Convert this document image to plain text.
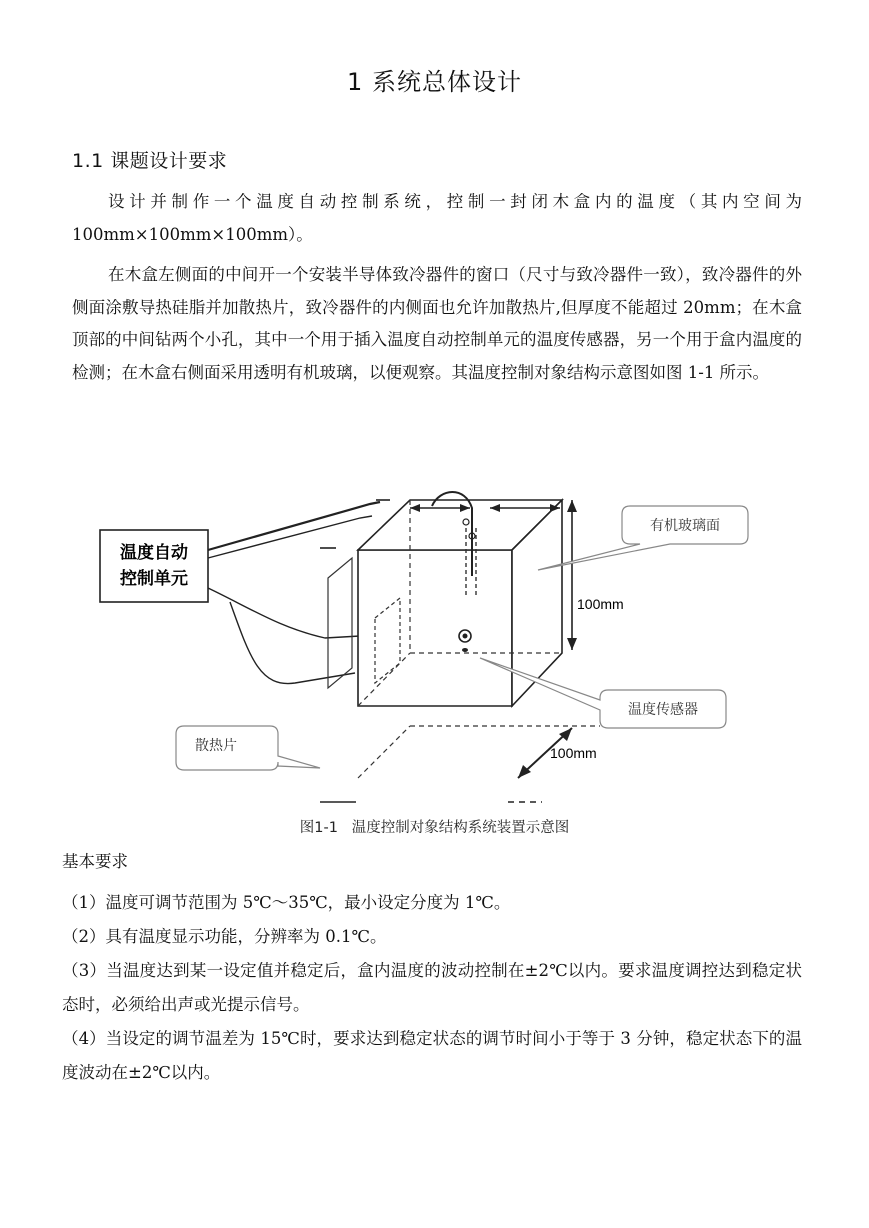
1 系统总体设计
1.1 课题设计要求

设计并制作一个温度自动控制系统，控制一封闭木盒内的温度（其内空间为100mm×100mm×100mm）。

在木盒左侧面的中间开一个安装半导体致冷器件的窗口（尺寸与致冷器件一致），致冷器件的外侧面涂敷导热硅脂并加散热片，致冷器件的内侧面也允许加散热片,但厚度不能超过 20mm；在木盒顶部的中间钻两个小孔，其中一个用于插入温度自动控制单元的温度传感器，另一个用于盒内温度的检测；在木盒右侧面采用透明有机玻璃，以便观察。其温度控制对象结构示意图如图 1-1 所示。

温度自动
控制单元
100mm
100mm
有机玻璃面
温度传感器
散热片
图1-1 温度控制对象结构系统装置示意图
基本要求
（1）温度可调节范围为 5℃～35℃，最小设定分度为 1℃。
（2）具有温度显示功能，分辨率为 0.1℃。
（3）当温度达到某一设定值并稳定后，盒内温度的波动控制在±2℃以内。要求温度调控达到稳定状态时，必须给出声或光提示信号。
（4）当设定的调节温差为 15℃时，要求达到稳定状态的调节时间小于等于 3 分钟，稳定状态下的温度波动在±2℃以内。
